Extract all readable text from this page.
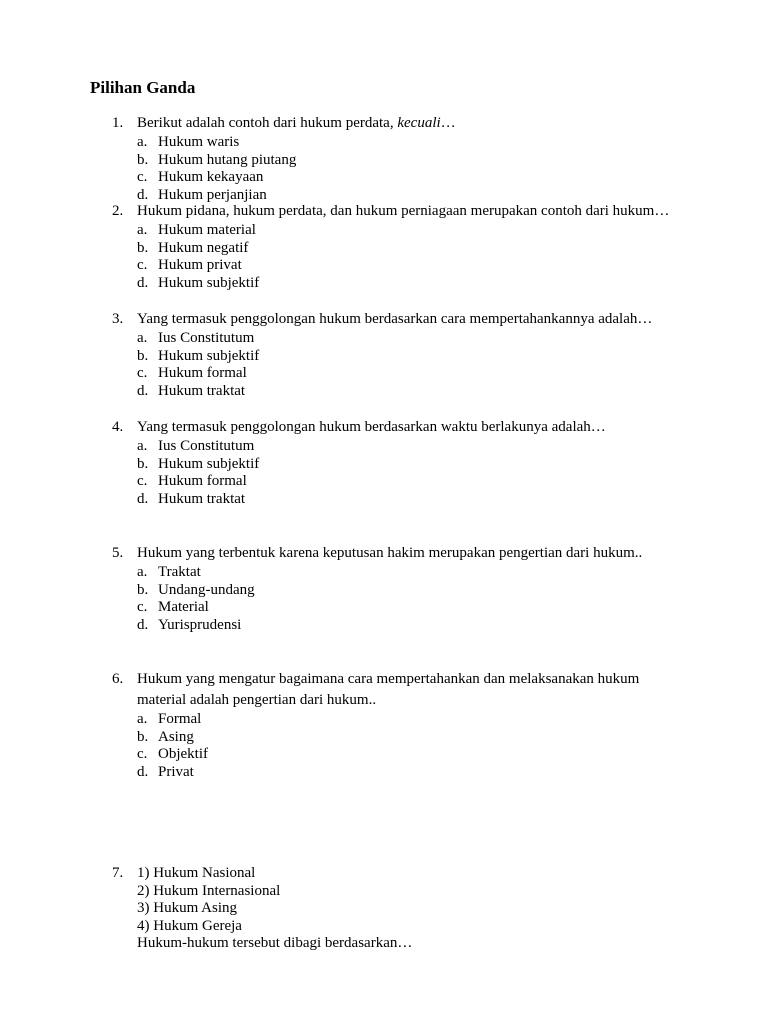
Pilihan Ganda
1. Berikut adalah contoh dari hukum perdata, kecuali…
a. Hukum waris
b. Hukum hutang piutang
c. Hukum kekayaan
d. Hukum perjanjian
2. Hukum pidana, hukum perdata, dan hukum perniagaan merupakan contoh dari hukum…
a. Hukum material
b. Hukum negatif
c. Hukum privat
d. Hukum subjektif
3. Yang termasuk penggolongan hukum berdasarkan cara mempertahankannya adalah…
a. Ius Constitutum
b. Hukum subjektif
c. Hukum formal
d. Hukum traktat
4. Yang termasuk penggolongan hukum berdasarkan waktu berlakunya adalah…
a. Ius Constitutum
b. Hukum subjektif
c. Hukum formal
d. Hukum traktat
5. Hukum yang terbentuk karena keputusan hakim merupakan pengertian dari hukum..
a. Traktat
b. Undang-undang
c. Material
d. Yurisprudensi
6. Hukum yang mengatur bagaimana cara mempertahankan dan melaksanakan hukum material adalah pengertian dari hukum..
a. Formal
b. Asing
c. Objektif
d. Privat
7. 1) Hukum Nasional
2) Hukum Internasional
3) Hukum Asing
4) Hukum Gereja
Hukum-hukum tersebut dibagi berdasarkan…
